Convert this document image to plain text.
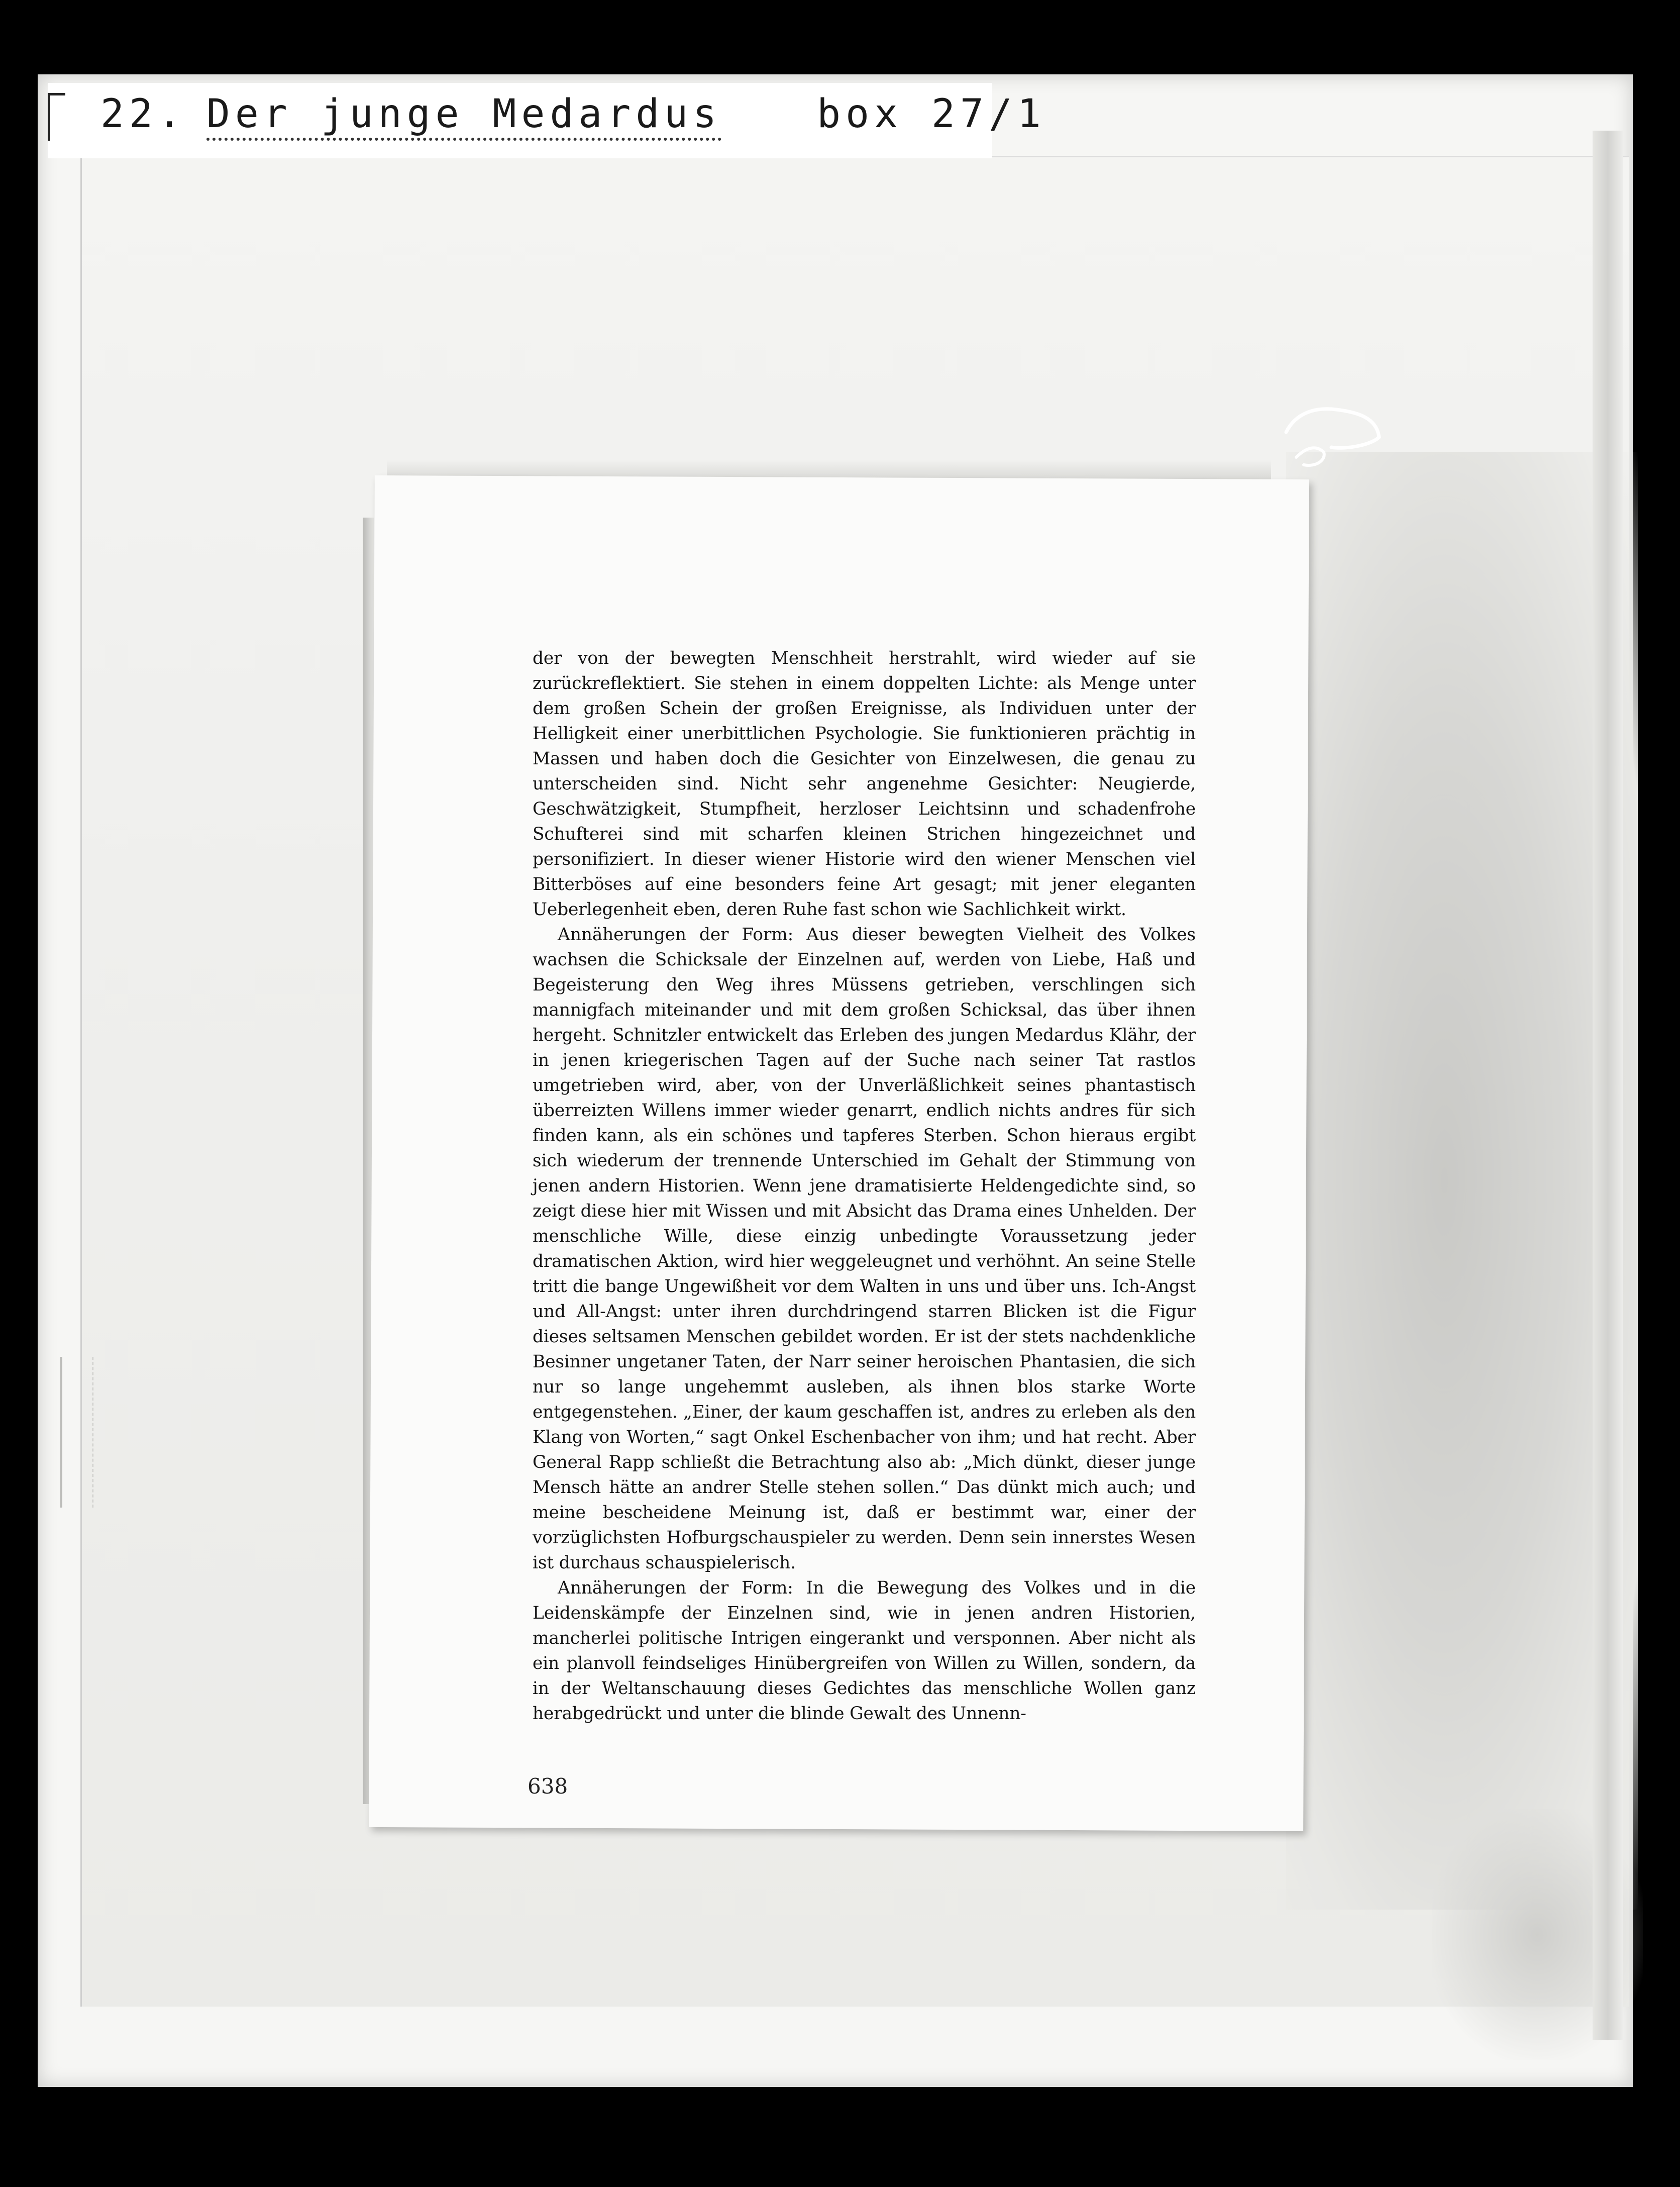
22. Der junge Medardus box 27/1

der von der bewegten Menschheit herstrahlt, wird wieder auf sie zurückreflektiert. Sie stehen in einem doppelten Lichte: als Menge unter dem großen Schein der großen Ereignisse, als Individuen unter der Helligkeit einer unerbittlichen Psychologie. Sie funktionieren prächtig in Massen und haben doch die Gesichter von Einzelwesen, die genau zu unterscheiden sind. Nicht sehr angenehme Gesichter: Neugierde, Geschwätzigkeit, Stumpfheit, herzloser Leichtsinn und schadenfrohe Schufterei sind mit scharfen kleinen Strichen hingezeichnet und personifiziert. In dieser wiener Historie wird den wiener Menschen viel Bitterböses auf eine besonders feine Art gesagt; mit jener eleganten Ueberlegenheit eben, deren Ruhe fast schon wie Sachlichkeit wirkt.

Annäherungen der Form: Aus dieser bewegten Vielheit des Volkes wachsen die Schicksale der Einzelnen auf, werden von Liebe, Haß und Begeisterung den Weg ihres Müssens getrieben, verschlingen sich mannigfach miteinander und mit dem großen Schicksal, das über ihnen hergeht. Schnitzler entwickelt das Erleben des jungen Medardus Klähr, der in jenen kriegerischen Tagen auf der Suche nach seiner Tat rastlos umgetrieben wird, aber, von der Unverläßlichkeit seines phantastisch überreizten Willens immer wieder genarrt, endlich nichts andres für sich finden kann, als ein schönes und tapferes Sterben. Schon hieraus ergibt sich wiederum der trennende Unterschied im Gehalt der Stimmung von jenen andern Historien. Wenn jene dramatisierte Heldengedichte sind, so zeigt diese hier mit Wissen und mit Absicht das Drama eines Unhelden. Der menschliche Wille, diese einzig unbedingte Voraussetzung jeder dramatischen Aktion, wird hier weggeleugnet und verhöhnt. An seine Stelle tritt die bange Ungewißheit vor dem Walten in uns und über uns. Ich-Angst und All-Angst: unter ihren durchdringend starren Blicken ist die Figur dieses seltsamen Menschen gebildet worden. Er ist der stets nachdenkliche Besinner ungetaner Taten, der Narr seiner heroischen Phantasien, die sich nur so lange ungehemmt ausleben, als ihnen blos starke Worte entgegenstehen. „Einer, der kaum geschaffen ist, andres zu erleben als den Klang von Worten,“ sagt Onkel Eschenbacher von ihm; und hat recht. Aber General Rapp schließt die Betrachtung also ab: „Mich dünkt, dieser junge Mensch hätte an andrer Stelle stehen sollen.“ Das dünkt mich auch; und meine bescheidene Meinung ist, daß er bestimmt war, einer der vorzüglichsten Hofburgschauspieler zu werden. Denn sein innerstes Wesen ist durchaus schauspielerisch.

Annäherungen der Form: In die Bewegung des Volkes und in die Leidenskämpfe der Einzelnen sind, wie in jenen andren Historien, mancherlei politische Intrigen eingerankt und versponnen. Aber nicht als ein planvoll feindseliges Hinübergreifen von Willen zu Willen, sondern, da in der Weltanschauung dieses Gedichtes das menschliche Wollen ganz herabgedrückt und unter die blinde Gewalt des Unnenn-

638
